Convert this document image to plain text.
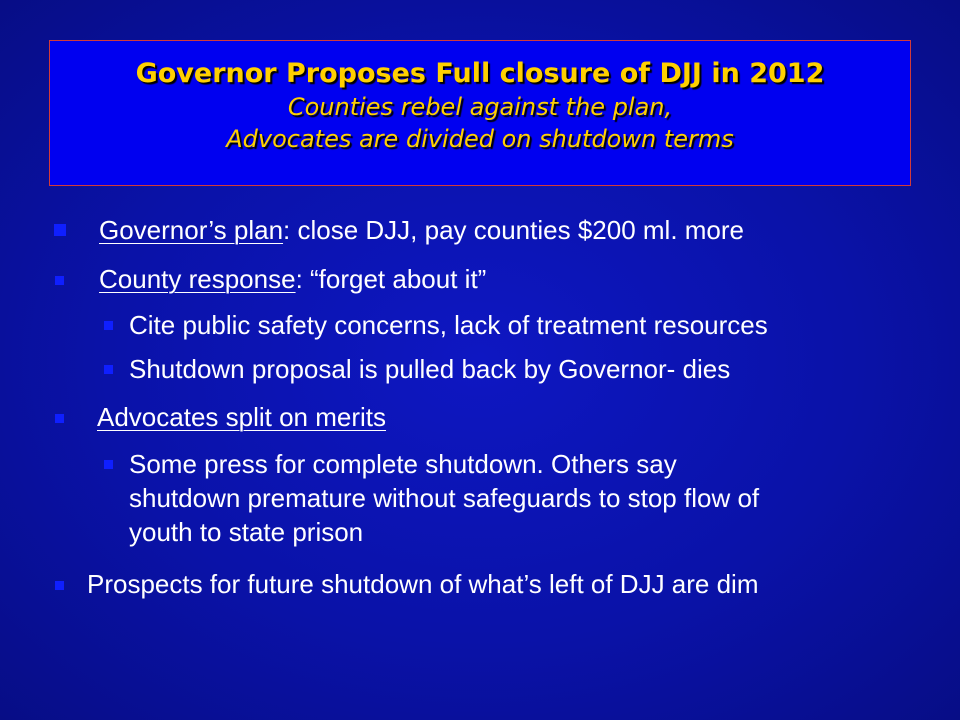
Governor Proposes Full closure of DJJ in 2012
Counties rebel against the plan,
Advocates are divided on shutdown terms
Governor’s plan: close DJJ, pay counties $200 ml. more
County response: “forget about it”
Cite public safety concerns, lack of treatment resources
Shutdown proposal is pulled back by Governor- dies
Advocates split on merits
Some press for complete shutdown. Others say
shutdown premature without safeguards to stop flow of
youth to state prison
Prospects for future shutdown of what’s left of DJJ are dim
